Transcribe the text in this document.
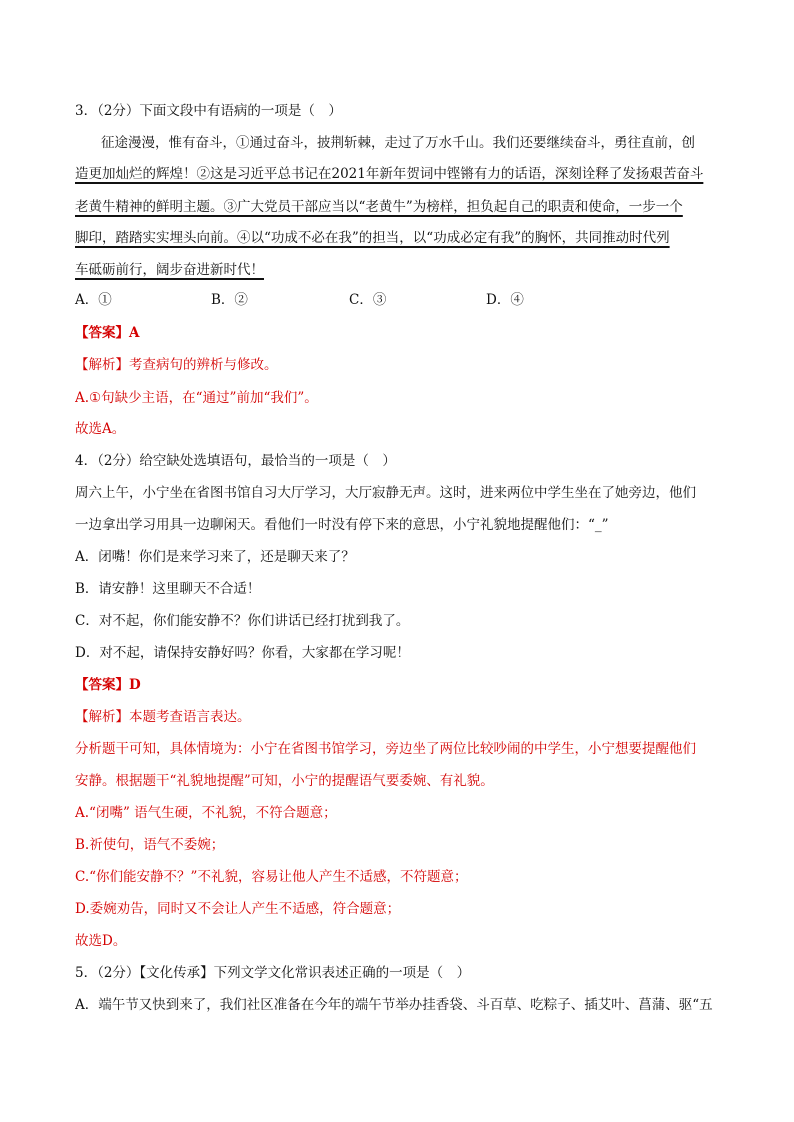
3．（2分）下面文段中有语病的一项是（　）
征途漫漫，惟有奋斗，①通过奋斗，披荆斩棘，走过了万水千山。我们还要继续奋斗，勇往直前，创
造更加灿烂的辉煌！②这是习近平总书记在2021年新年贺词中铿锵有力的话语，深刻诠释了发扬艰苦奋斗
老黄牛精神的鲜明主题。③广大党员干部应当以“老黄牛”为榜样，担负起自己的职责和使命，一步一个
脚印，踏踏实实埋头向前。④以“功成不必在我”的担当，以“功成必定有我”的胸怀，共同推动时代列
车砥砺前行，阔步奋进新时代！
A．①	B．②	C．③	D．④
【答案】A
【解析】考查病句的辨析与修改。
A.①句缺少主语，在“通过”前加“我们”。
故选A。
4．（2分）给空缺处选填语句，最恰当的一项是（　）
周六上午，小宁坐在省图书馆自习大厅学习，大厅寂静无声。这时，进来两位中学生坐在了她旁边，他们
一边拿出学习用具一边聊闲天。看他们一时没有停下来的意思，小宁礼貌地提醒他们：“_”
A．闭嘴！你们是来学习来了，还是聊天来了？
B．请安静！这里聊天不合适！
C．对不起，你们能安静不？你们讲话已经打扰到我了。
D．对不起，请保持安静好吗？你看，大家都在学习呢！
【答案】D
【解析】本题考查语言表达。
分析题干可知，具体情境为：小宁在省图书馆学习，旁边坐了两位比较吵闹的中学生，小宁想要提醒他们
安静。根据题干“礼貌地提醒”可知，小宁的提醒语气要委婉、有礼貌。
A.“闭嘴” 语气生硬，不礼貌，不符合题意；
B.祈使句，语气不委婉；
C.“你们能安静不？”不礼貌，容易让他人产生不适感，不符题意；
D.委婉劝告，同时又不会让人产生不适感，符合题意；
故选D。
5．（2分）【文化传承】下列文学文化常识表述正确的一项是（　）
A．端午节又快到来了，我们社区准备在今年的端午节举办挂香袋、斗百草、吃粽子、插艾叶、菖蒲、驱“五
